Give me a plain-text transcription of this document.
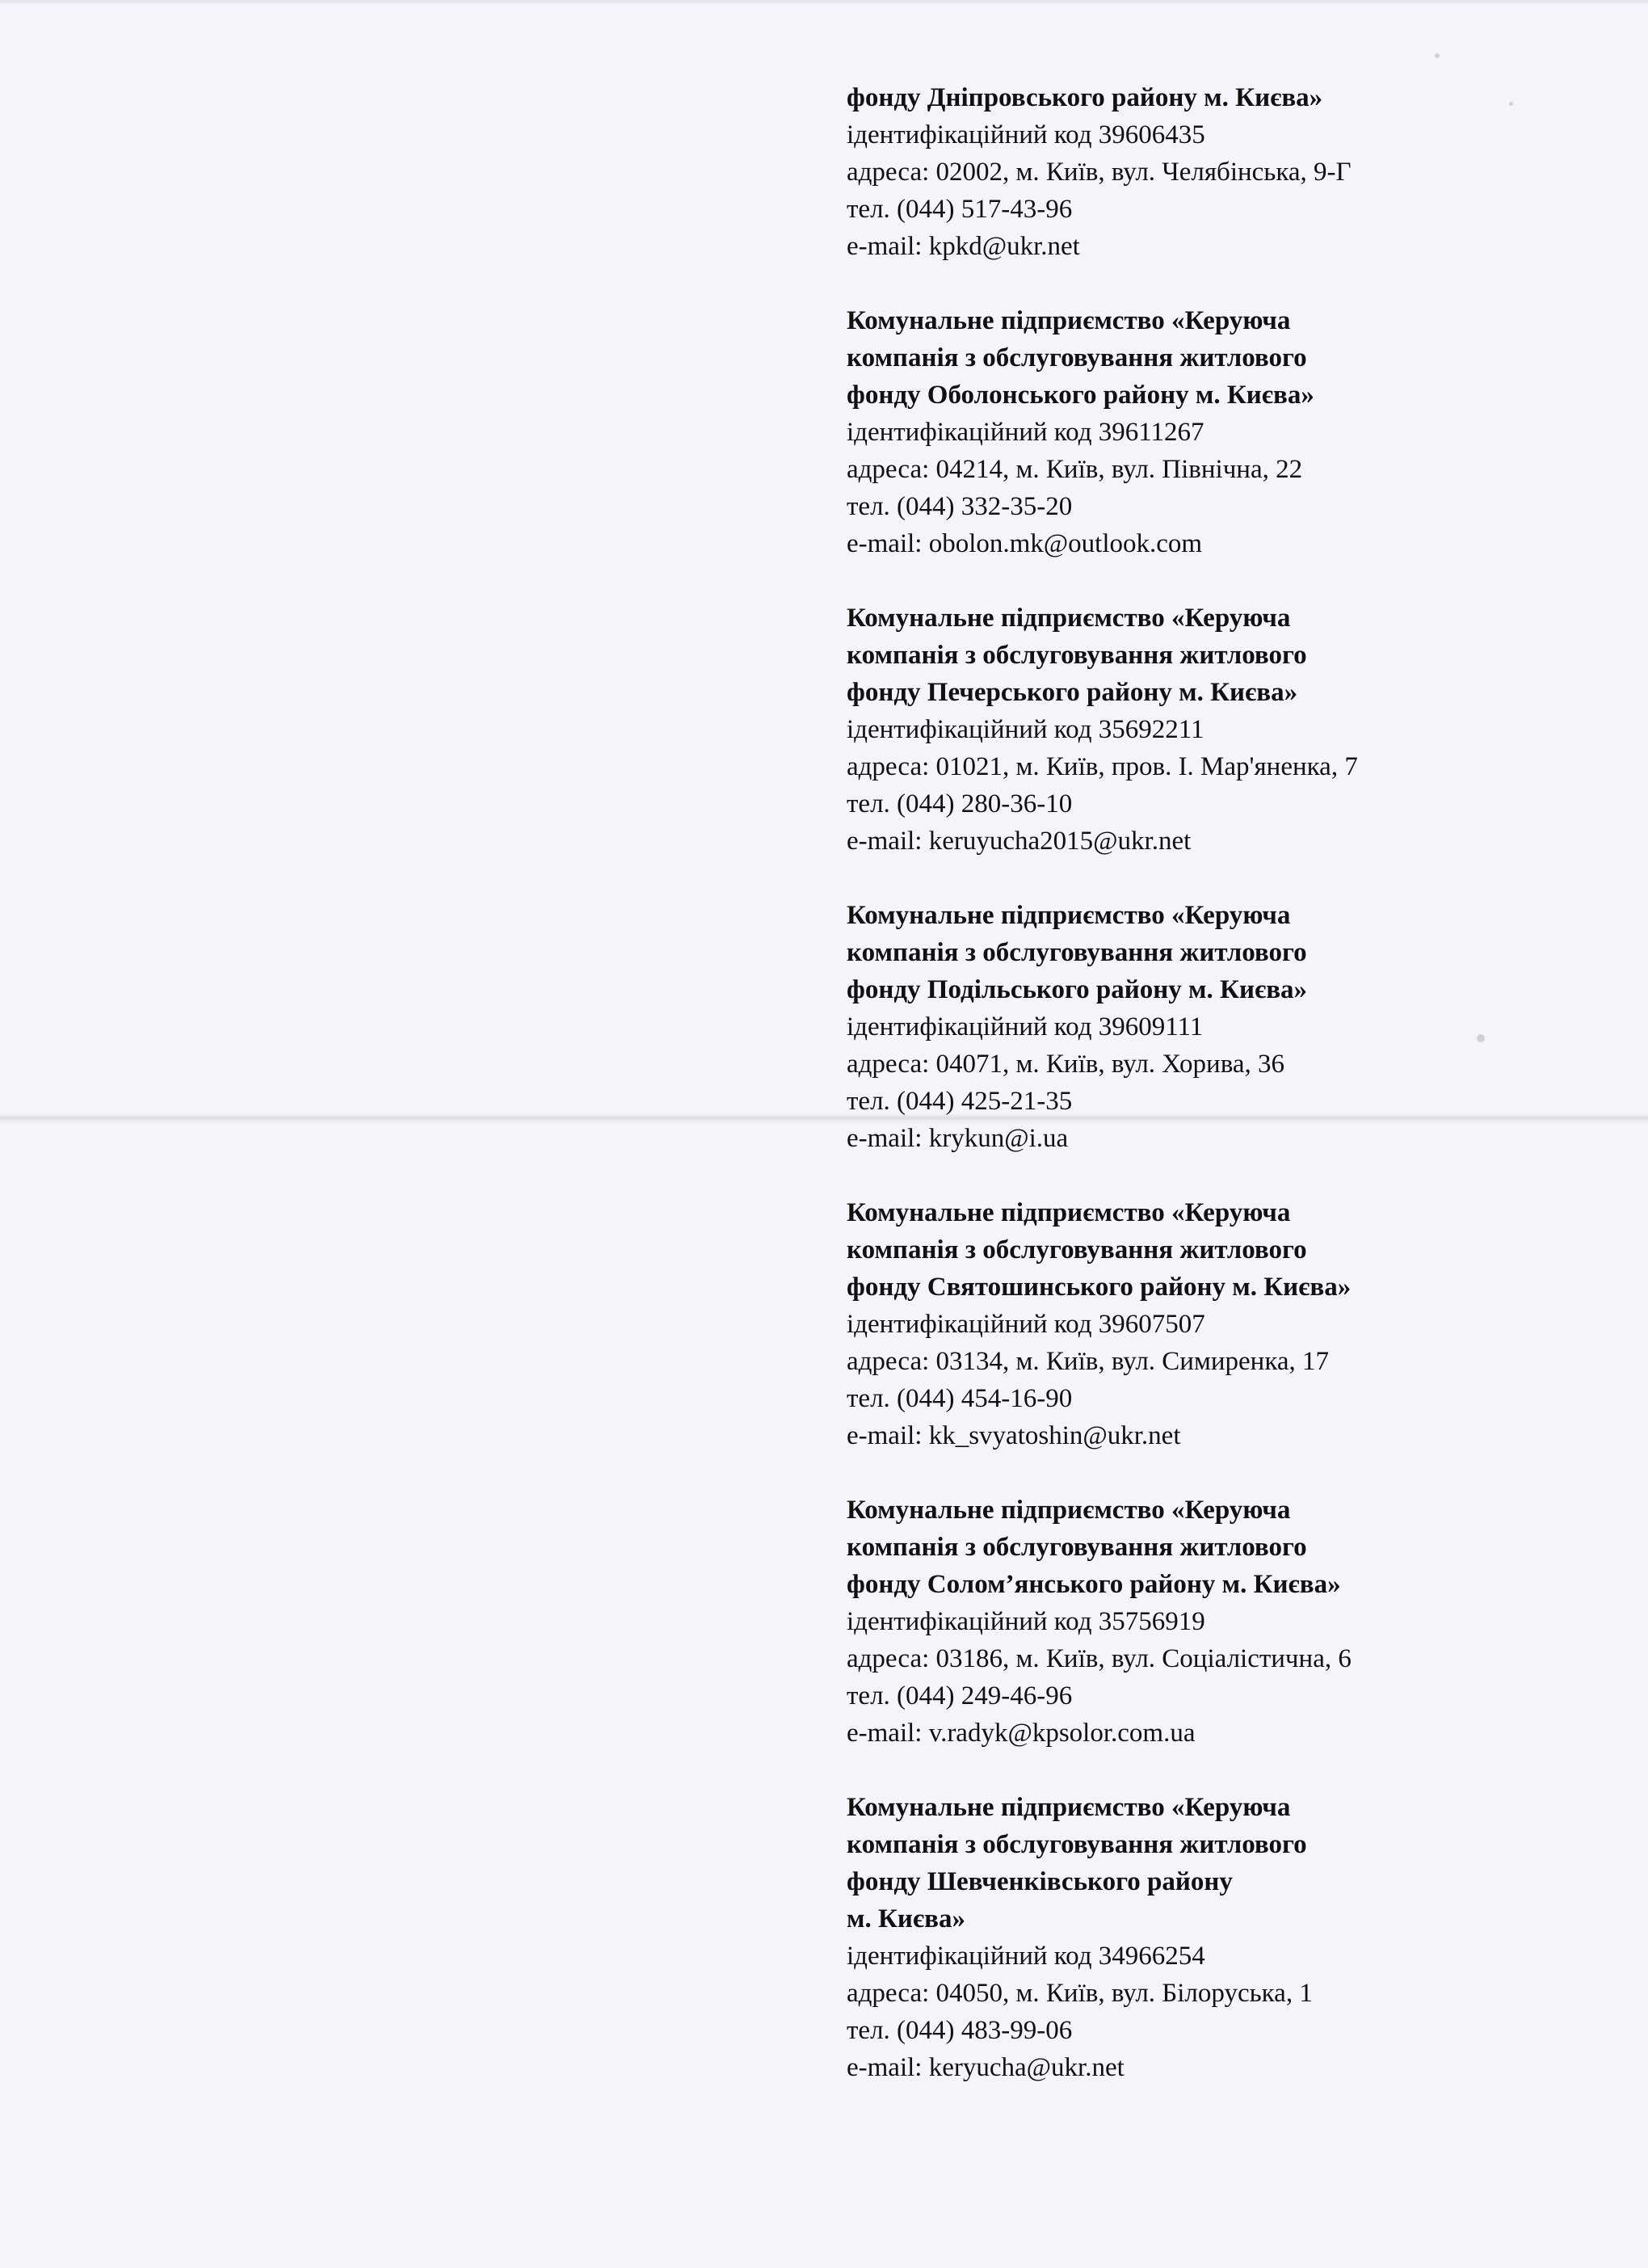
фонду Дніпровського району м. Києва»
ідентифікаційний код 39606435
адреса: 02002, м. Київ, вул. Челябінська, 9-Г
тел. (044) 517-43-96
e-mail: kpkd@ukr.net
Комунальне підприємство «Керуюча
компанія з обслуговування житлового
фонду Оболонського району м. Києва»
ідентифікаційний код 39611267
адреса: 04214, м. Київ, вул. Північна, 22
тел. (044) 332-35-20
e-mail: obolon.mk@outlook.com
Комунальне підприємство «Керуюча
компанія з обслуговування житлового
фонду Печерського району м. Києва»
ідентифікаційний код 35692211
адреса: 01021, м. Київ, пров. І. Мар'яненка, 7
тел. (044) 280-36-10
e-mail: keruyucha2015@ukr.net
Комунальне підприємство «Керуюча
компанія з обслуговування житлового
фонду Подільського району м. Києва»
ідентифікаційний код 39609111
адреса: 04071, м. Київ, вул. Хорива, 36
тел. (044) 425-21-35
e-mail: krykun@i.ua
Комунальне підприємство «Керуюча
компанія з обслуговування житлового
фонду Святошинського району м. Києва»
ідентифікаційний код 39607507
адреса: 03134, м. Київ, вул. Симиренка, 17
тел. (044) 454-16-90
e-mail: kk_svyatoshin@ukr.net
Комунальне підприємство «Керуюча
компанія з обслуговування житлового
фонду Солом’янського району м. Києва»
ідентифікаційний код 35756919
адреса: 03186, м. Київ, вул. Соціалістична, 6
тел. (044) 249-46-96
e-mail: v.radyk@kpsolor.com.ua
Комунальне підприємство «Керуюча
компанія з обслуговування житлового
фонду Шевченківського району
м. Києва»
ідентифікаційний код 34966254
адреса: 04050, м. Київ, вул. Білоруська, 1
тел. (044) 483-99-06
e-mail: keryucha@ukr.net
